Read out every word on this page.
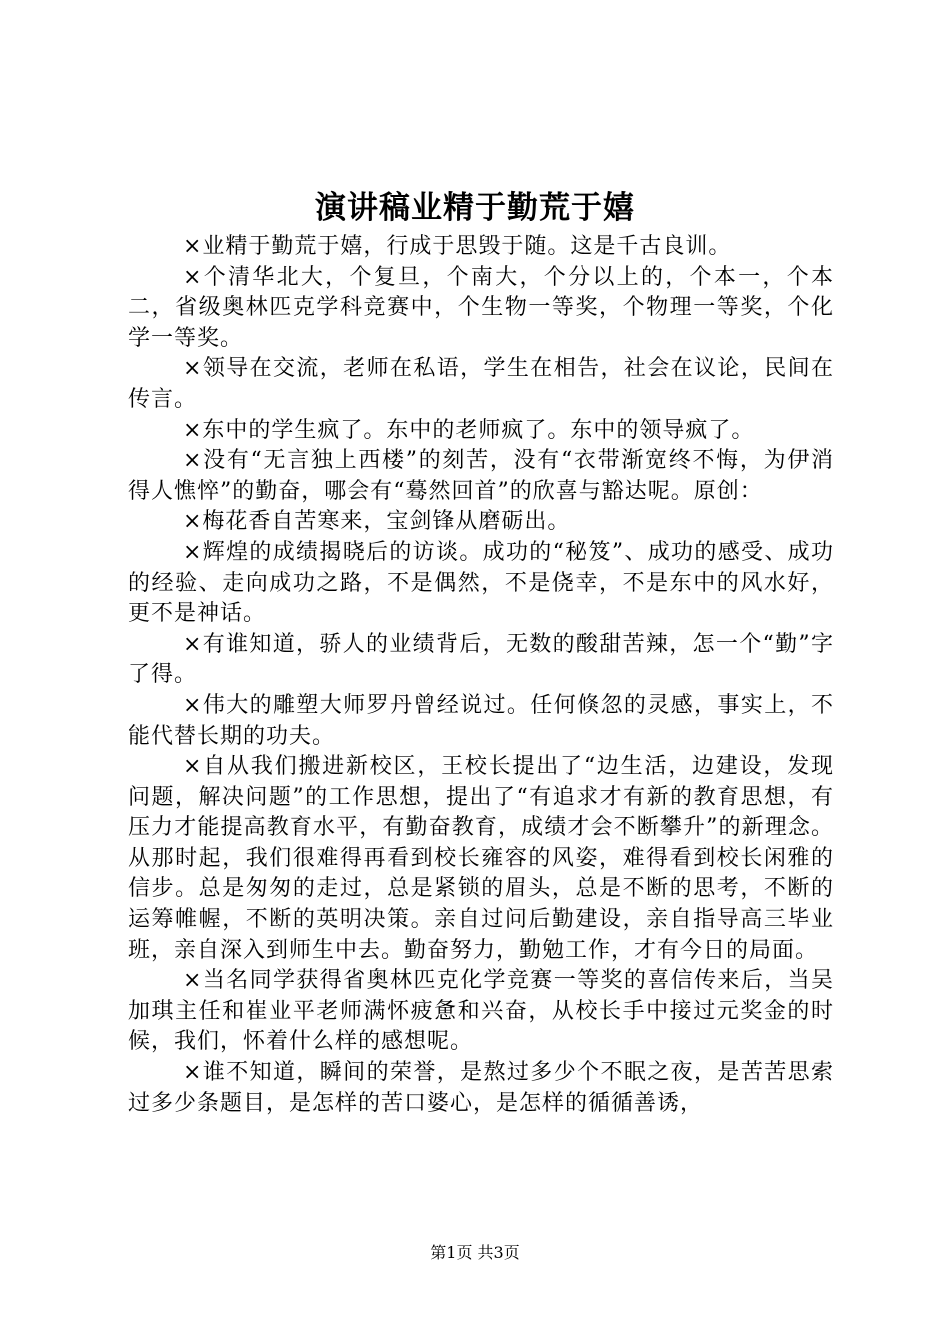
演讲稿业精于勤荒于嬉

×业精于勤荒于嬉，行成于思毁于随。这是千古良训。

×个清华北大，个复旦，个南大，个分以上的，个本一，个本二，省级奥林匹克学科竞赛中，个生物一等奖，个物理一等奖，个化学一等奖。

×领导在交流，老师在私语，学生在相告，社会在议论，民间在传言。

×东中的学生疯了。东中的老师疯了。东中的领导疯了。

×没有“无言独上西楼”的刻苦，没有“衣带渐宽终不悔，为伊消得人憔悴”的勤奋，哪会有“蓦然回首”的欣喜与豁达呢。原创：

×梅花香自苦寒来，宝剑锋从磨砺出。

×辉煌的成绩揭晓后的访谈。成功的“秘笈”、成功的感受、成功的经验、走向成功之路，不是偶然，不是侥幸，不是东中的风水好，更不是神话。

×有谁知道，骄人的业绩背后，无数的酸甜苦辣，怎一个“勤”字了得。

×伟大的雕塑大师罗丹曾经说过。任何倏忽的灵感，事实上，不能代替长期的功夫。

×自从我们搬进新校区，王校长提出了“边生活，边建设，发现问题，解决问题”的工作思想，提出了“有追求才有新的教育思想，有压力才能提高教育水平，有勤奋教育，成绩才会不断攀升”的新理念。从那时起，我们很难得再看到校长雍容的风姿，难得看到校长闲雅的信步。总是匆匆的走过，总是紧锁的眉头，总是不断的思考，不断的运筹帷幄，不断的英明决策。亲自过问后勤建设，亲自指导高三毕业班，亲自深入到师生中去。勤奋努力，勤勉工作，才有今日的局面。

×当名同学获得省奥林匹克化学竞赛一等奖的喜信传来后，当吴加琪主任和崔业平老师满怀疲惫和兴奋，从校长手中接过元奖金的时候，我们，怀着什么样的感想呢。

×谁不知道，瞬间的荣誉，是熬过多少个不眠之夜，是苦苦思索过多少条题目，是怎样的苦口婆心，是怎样的循循善诱，

第1页 共3页
